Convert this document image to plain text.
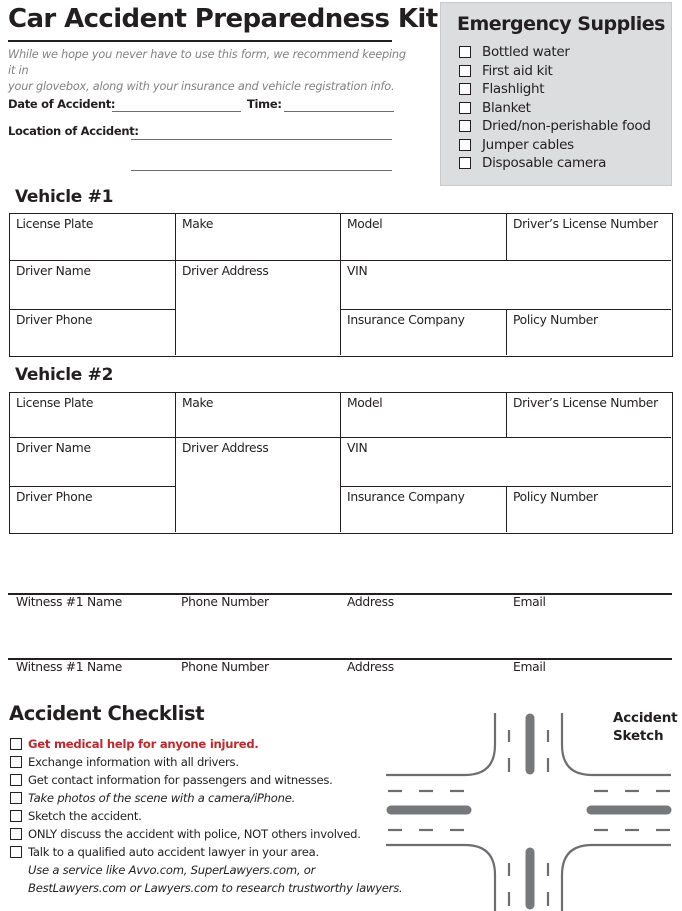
Car Accident Preparedness Kit
While we hope you never have to use this form, we recommend keeping it in
your glovebox, along with your insurance and vehicle registration info.
Date of Accident:	Time:
Location of Accident:
Emergency Supplies
Bottled water
First aid kit
Flashlight
Blanket
Dried/non-perishable food
Jumper cables
Disposable camera
Vehicle #1
License Plate	Make	Model	Driver’s License Number
Driver Name	Driver Address	VIN
Driver Phone	Insurance Company	Policy Number
Vehicle #2
License Plate	Make	Model	Driver’s License Number
Driver Name	Driver Address	VIN
Driver Phone	Insurance Company	Policy Number
Witness #1 Name	Phone Number	Address	Email
Witness #1 Name	Phone Number	Address	Email
Accident Checklist
Get medical help for anyone injured.
Exchange information with all drivers.
Get contact information for passengers and witnesses.
Take photos of the scene with a camera/iPhone.
Sketch the accident.
ONLY discuss the accident with police, NOT others involved.
Talk to a qualified auto accident lawyer in your area.
Use a service like Avvo.com, SuperLawyers.com, or
BestLawyers.com or Lawyers.com to research trustworthy lawyers.
Accident
Sketch
